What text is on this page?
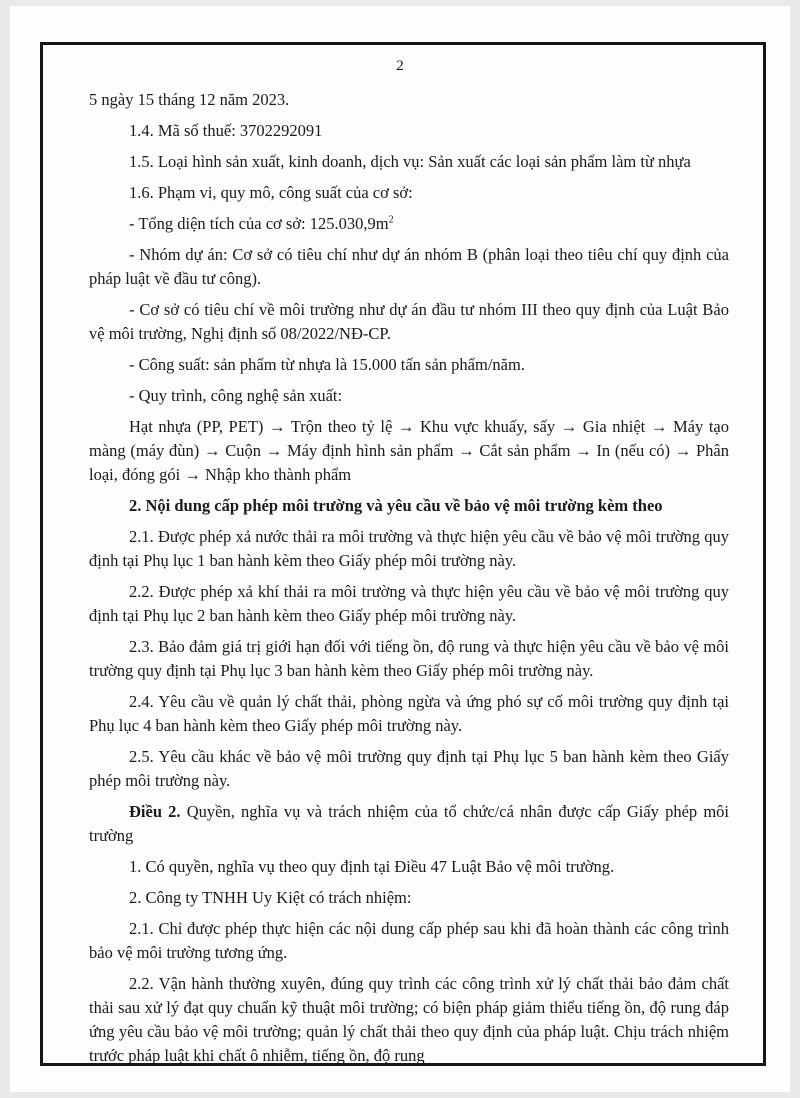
2

5 ngày 15 tháng 12 năm 2023.

1.4. Mã số thuế: 3702292091

1.5. Loại hình sản xuất, kinh doanh, dịch vụ: Sản xuất các loại sản phẩm làm từ nhựa

1.6. Phạm vi, quy mô, công suất của cơ sở:

- Tổng diện tích của cơ sở: $125.030,9m^2$

- Nhóm dự án: Cơ sở có tiêu chí như dự án nhóm B (phân loại theo tiêu chí quy định của pháp luật về đầu tư công).

- Cơ sở có tiêu chí về môi trường như dự án đầu tư nhóm III theo quy định của Luật Bảo vệ môi trường, Nghị định số 08/2022/NĐ-CP.

- Công suất: sản phẩm từ nhựa là 15.000 tấn sản phẩm/năm.

- Quy trình, công nghệ sản xuất:

Hạt nhựa (PP, PET) → Trộn theo tỷ lệ → Khu vực khuấy, sấy → Gia nhiệt → Máy tạo màng (máy đùn) → Cuộn → Máy định hình sản phẩm → Cắt sản phẩm → In (nếu có) → Phân loại, đóng gói → Nhập kho thành phẩm

2. Nội dung cấp phép môi trường và yêu cầu về bảo vệ môi trường kèm theo

2.1. Được phép xả nước thải ra môi trường và thực hiện yêu cầu về bảo vệ môi trường quy định tại Phụ lục 1 ban hành kèm theo Giấy phép môi trường này.

2.2. Được phép xả khí thải ra môi trường và thực hiện yêu cầu về bảo vệ môi trường quy định tại Phụ lục 2 ban hành kèm theo Giấy phép môi trường này.

2.3. Bảo đảm giá trị giới hạn đối với tiếng ồn, độ rung và thực hiện yêu cầu về bảo vệ môi trường quy định tại Phụ lục 3 ban hành kèm theo Giấy phép môi trường này.

2.4. Yêu cầu về quản lý chất thải, phòng ngừa và ứng phó sự cố môi trường quy định tại Phụ lục 4 ban hành kèm theo Giấy phép môi trường này.

2.5. Yêu cầu khác về bảo vệ môi trường quy định tại Phụ lục 5 ban hành kèm theo Giấy phép môi trường này.

Điều 2. Quyền, nghĩa vụ và trách nhiệm của tổ chức/cá nhân được cấp Giấy phép môi trường

1. Có quyền, nghĩa vụ theo quy định tại Điều 47 Luật Bảo vệ môi trường.

2. Công ty TNHH Uy Kiệt có trách nhiệm:

2.1. Chỉ được phép thực hiện các nội dung cấp phép sau khi đã hoàn thành các công trình bảo vệ môi trường tương ứng.

2.2. Vận hành thường xuyên, đúng quy trình các công trình xử lý chất thải bảo đảm chất thải sau xử lý đạt quy chuẩn kỹ thuật môi trường; có biện pháp giảm thiểu tiếng ồn, độ rung đáp ứng yêu cầu bảo vệ môi trường; quản lý chất thải theo quy định của pháp luật. Chịu trách nhiệm trước pháp luật khi chất ô nhiễm, tiếng ồn, độ rung
